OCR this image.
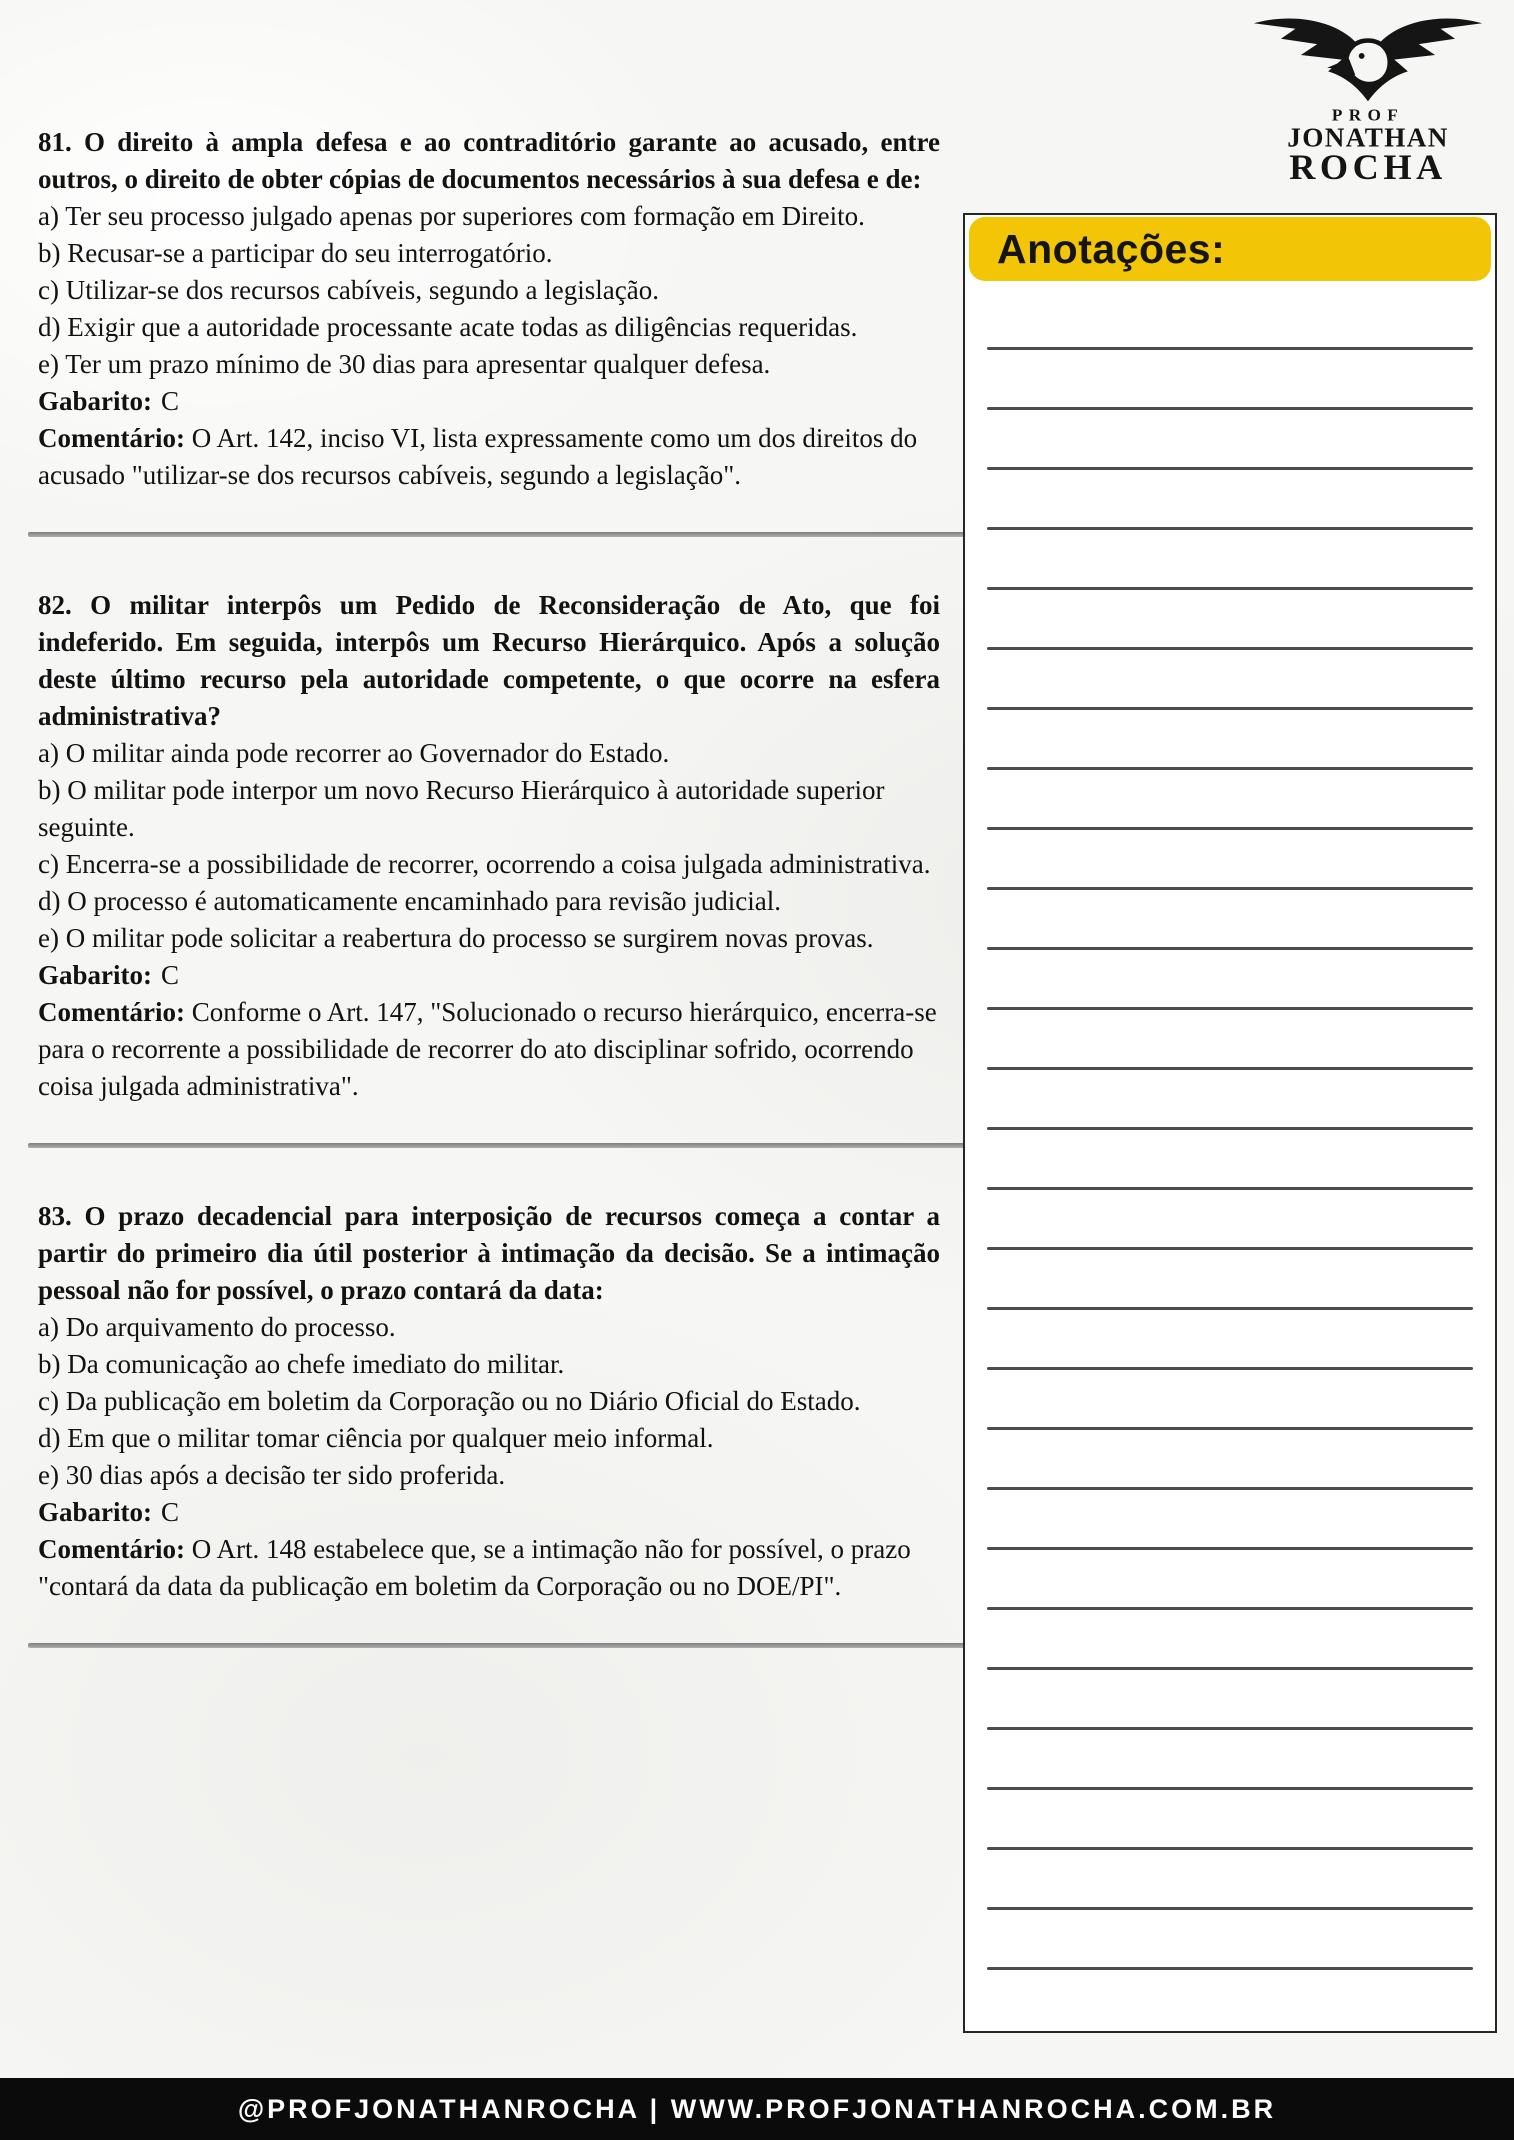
PROF
JONATHAN
ROCHA

81. O direito à ampla defesa e ao contraditório garante ao acusado, entre outros, o direito de obter cópias de documentos necessários à sua defesa e de:

a) Ter seu processo julgado apenas por superiores com formação em Direito.

b) Recusar-se a participar do seu interrogatório.

c) Utilizar-se dos recursos cabíveis, segundo a legislação.

d) Exigir que a autoridade processante acate todas as diligências requeridas.

e) Ter um prazo mínimo de 30 dias para apresentar qualquer defesa.

Gabarito: C

Comentário: O Art. 142, inciso VI, lista expressamente como um dos direitos do acusado "utilizar-se dos recursos cabíveis, segundo a legislação".

82. O militar interpôs um Pedido de Reconsideração de Ato, que foi indeferido. Em seguida, interpôs um Recurso Hierárquico. Após a solução deste último recurso pela autoridade competente, o que ocorre na esfera administrativa?

a) O militar ainda pode recorrer ao Governador do Estado.

b) O militar pode interpor um novo Recurso Hierárquico à autoridade superior seguinte.

c) Encerra-se a possibilidade de recorrer, ocorrendo a coisa julgada administrativa.

d) O processo é automaticamente encaminhado para revisão judicial.

e) O militar pode solicitar a reabertura do processo se surgirem novas provas.

Gabarito: C

Comentário: Conforme o Art. 147, "Solucionado o recurso hierárquico, encerra-se para o recorrente a possibilidade de recorrer do ato disciplinar sofrido, ocorrendo coisa julgada administrativa".

83. O prazo decadencial para interposição de recursos começa a contar a partir do primeiro dia útil posterior à intimação da decisão. Se a intimação pessoal não for possível, o prazo contará da data:

a) Do arquivamento do processo.

b) Da comunicação ao chefe imediato do militar.

c) Da publicação em boletim da Corporação ou no Diário Oficial do Estado.

d) Em que o militar tomar ciência por qualquer meio informal.

e) 30 dias após a decisão ter sido proferida.

Gabarito: C

Comentário: O Art. 148 estabelece que, se a intimação não for possível, o prazo "contará da data da publicação em boletim da Corporação ou no DOE/PI".

Anotações:
@PROFJONATHANROCHA | WWW.PROFJONATHANROCHA.COM.BR
